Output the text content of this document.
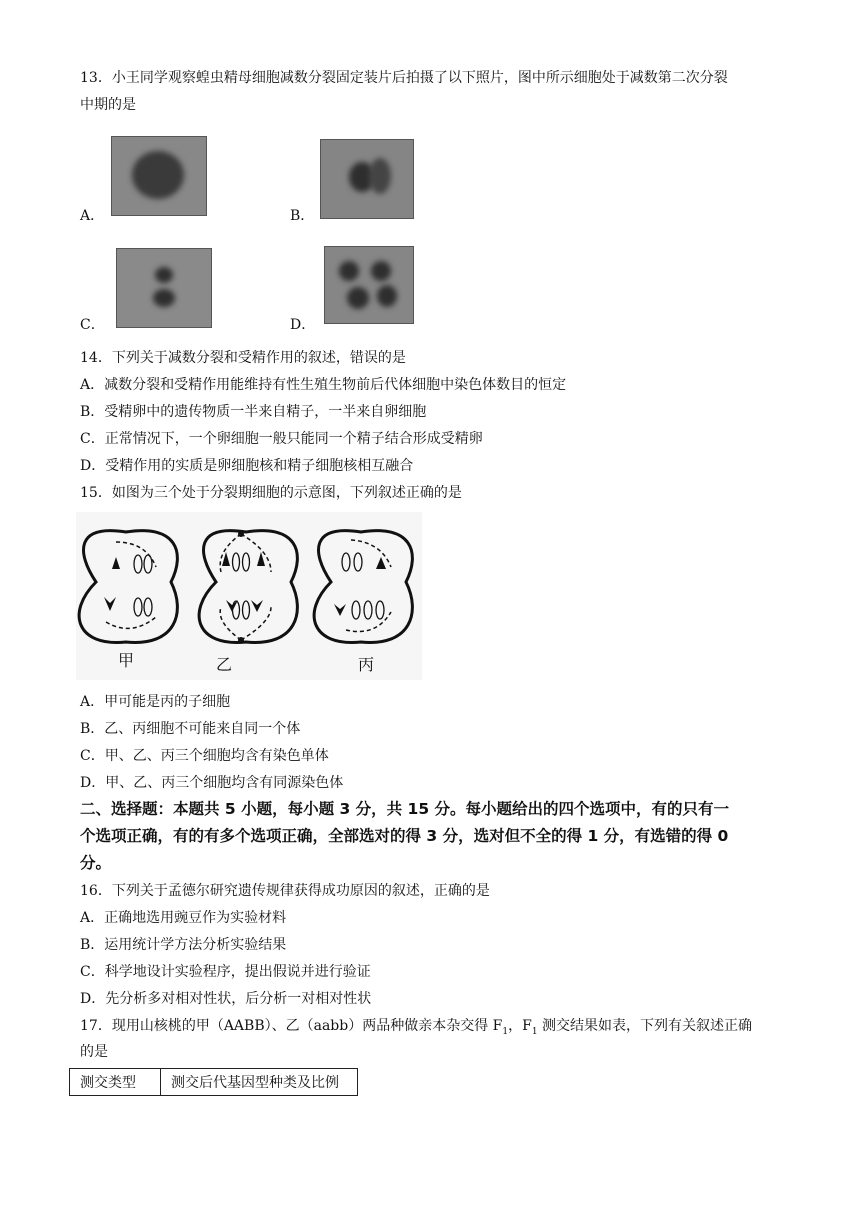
13．小王同学观察蝗虫精母细胞减数分裂固定装片后拍摄了以下照片，图中所示细胞处于减数第二次分裂
中期的是
A．	B．
C．	D．
14．下列关于减数分裂和受精作用的叙述，错误的是
A．减数分裂和受精作用能维持有性生殖生物前后代体细胞中染色体数目的恒定
B．受精卵中的遗传物质一半来自精子，一半来自卵细胞
C．正常情况下，一个卵细胞一般只能同一个精子结合形成受精卵
D．受精作用的实质是卵细胞核和精子细胞核相互融合
15．如图为三个处于分裂期细胞的示意图，下列叙述正确的是
甲	乙	丙
A．甲可能是丙的子细胞
B．乙、丙细胞不可能来自同一个体
C．甲、乙、丙三个细胞均含有染色单体
D．甲、乙、丙三个细胞均含有同源染色体
二、选择题：本题共 5 小题，每小题 3 分，共 15 分。每小题给出的四个选项中，有的只有一
个选项正确，有的有多个选项正确，全部选对的得 3 分，选对但不全的得 1 分，有选错的得 0
分。
16．下列关于孟德尔研究遗传规律获得成功原因的叙述，正确的是
A．正确地选用豌豆作为实验材料
B．运用统计学方法分析实验结果
C．科学地设计实验程序，提出假说并进行验证
D．先分析多对相对性状，后分析一对相对性状
17．现用山核桃的甲（AABB）、乙（aabb）两品种做亲本杂交得 $F_1$，$F_1$ 测交结果如表，下列有关叙述正确
的是
测交类型	测交后代基因型种类及比例
